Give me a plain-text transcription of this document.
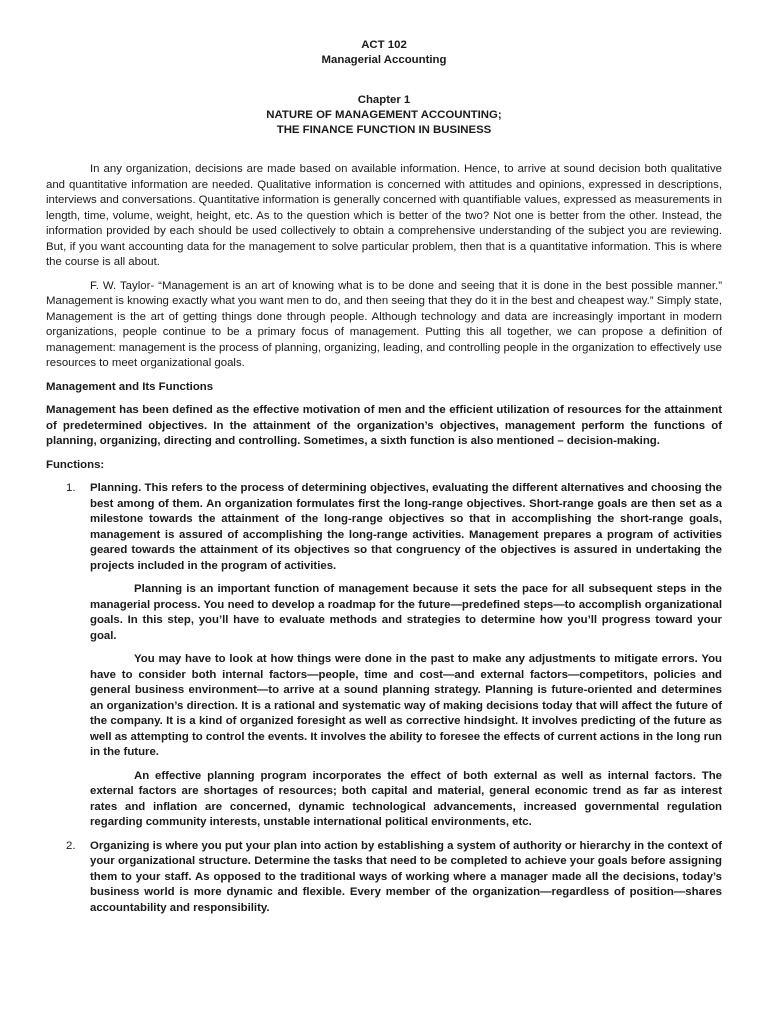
ACT 102
Managerial Accounting
Chapter 1
NATURE OF MANAGEMENT ACCOUNTING;
THE FINANCE FUNCTION IN BUSINESS

In any organization, decisions are made based on available information. Hence, to arrive at sound decision both qualitative and quantitative information are needed. Qualitative information is concerned with attitudes and opinions, expressed in descriptions, interviews and conversations. Quantitative information is generally concerned with quantifiable values, expressed as measurements in length, time, volume, weight, height, etc. As to the question which is better of the two? Not one is better from the other. Instead, the information provided by each should be used collectively to obtain a comprehensive understanding of the subject you are reviewing. But, if you want accounting data for the management to solve particular problem, then that is a quantitative information. This is where the course is all about.

F. W. Taylor- “Management is an art of knowing what is to be done and seeing that it is done in the best possible manner.” Management is knowing exactly what you want men to do, and then seeing that they do it in the best and cheapest way.” Simply state, Management is the art of getting things done through people. Although technology and data are increasingly important in modern organizations, people continue to be a primary focus of management. Putting this all together, we can propose a definition of management: management is the process of planning, organizing, leading, and controlling people in the organization to effectively use resources to meet organizational goals.

Management and Its Functions

Management has been defined as the effective motivation of men and the efficient utilization of resources for the attainment of predetermined objectives. In the attainment of the organization’s objectives, management perform the functions of planning, organizing, directing and controlling. Sometimes, a sixth function is also mentioned – decision-making.

Functions:

1. Planning. This refers to the process of determining objectives, evaluating the different alternatives and choosing the best among of them. An organization formulates first the long-range objectives. Short-range goals are then set as a milestone towards the attainment of the long-range objectives so that in accomplishing the short-range goals, management is assured of accomplishing the long-range activities. Management prepares a program of activities geared towards the attainment of its objectives so that congruency of the objectives is assured in undertaking the projects included in the program of activities.

Planning is an important function of management because it sets the pace for all subsequent steps in the managerial process. You need to develop a roadmap for the future—predefined steps—to accomplish organizational goals. In this step, you’ll have to evaluate methods and strategies to determine how you’ll progress toward your goal.

You may have to look at how things were done in the past to make any adjustments to mitigate errors. You have to consider both internal factors—people, time and cost—and external factors—competitors, policies and general business environment—to arrive at a sound planning strategy. Planning is future-oriented and determines an organization’s direction. It is a rational and systematic way of making decisions today that will affect the future of the company. It is a kind of organized foresight as well as corrective hindsight. It involves predicting of the future as well as attempting to control the events. It involves the ability to foresee the effects of current actions in the long run in the future.

An effective planning program incorporates the effect of both external as well as internal factors. The external factors are shortages of resources; both capital and material, general economic trend as far as interest rates and inflation are concerned, dynamic technological advancements, increased governmental regulation regarding community interests, unstable international political environments, etc.

2. Organizing is where you put your plan into action by establishing a system of authority or hierarchy in the context of your organizational structure. Determine the tasks that need to be completed to achieve your goals before assigning them to your staff. As opposed to the traditional ways of working where a manager made all the decisions, today’s business world is more dynamic and flexible. Every member of the organization—regardless of position—shares accountability and responsibility.
